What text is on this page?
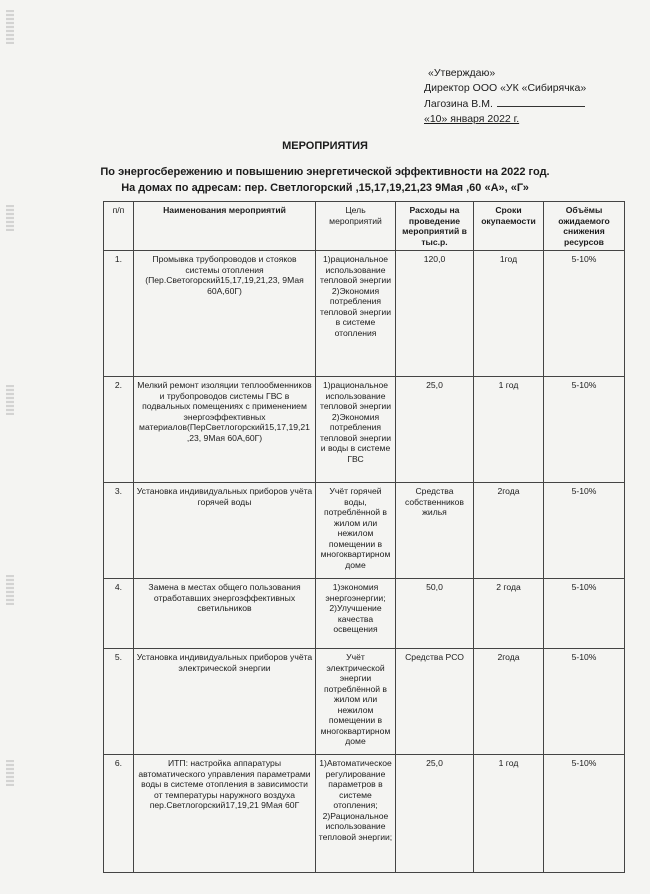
«Утверждаю»
Директор ООО «УК «Сибирячка»
Лагозина В.М.
«10» января 2022 г.
МЕРОПРИЯТИЯ
По энергосбережению и повышению энергетической эффективности на 2022 год.
На домах по адресам: пер. Светлогорский ,15,17,19,21,23 9Мая ,60 «А», «Г»
п/п	Наименования мероприятий	Цель мероприятий	Расходы на проведение мероприятий в тыс.р.	Сроки окупаемости	Объёмы ожидаемого снижения ресурсов
1.	Промывка трубопроводов и стояков системы отопления (Пер.Светогорский15,17,19,21,23, 9Мая 60А,60Г)	1)рациональное использование тепловой энергии 2)Экономия потребления тепловой энергии в системе отопления	120,0	1год	5-10%
2.	Мелкий ремонт изоляции теплообменников и трубопроводов системы ГВС в подвальных помещениях с применением энергоэффективных материалов(ПерСветлогорский15,17,19,21 ,23, 9Мая 60А,60Г)	1)рациональное использование тепловой энергии 2)Экономия потребления тепловой энергии и воды в системе ГВС	25,0	1 год	5-10%
3.	Установка индивидуальных приборов учёта горячей воды	Учёт горячей воды, потреблённой в жилом или нежилом помещении в многоквартирном доме	Средства собственников жилья	2года	5-10%
4.	Замена в местах общего пользования отработавших энергоэффективных светильников	1)экономия энергоэнергии; 2)Улучшение качества освещения	50,0	2 года	5-10%
5.	Установка индивидуальных приборов учёта электрической энергии	Учёт электрической энергии потреблённой в жилом или нежилом помещении в многоквартирном доме	Средства РСО	2года	5-10%
6.	ИТП: настройка аппаратуры автоматического управления параметрами воды в системе отопления в зависимости от температуры наружного воздуха пер.Светлогорский17,19,21 9Мая 60Г	1)Автоматическое регулирование параметров в системе отопления; 2)Рациональное использование тепловой энергии;	25,0	1 год	5-10%
